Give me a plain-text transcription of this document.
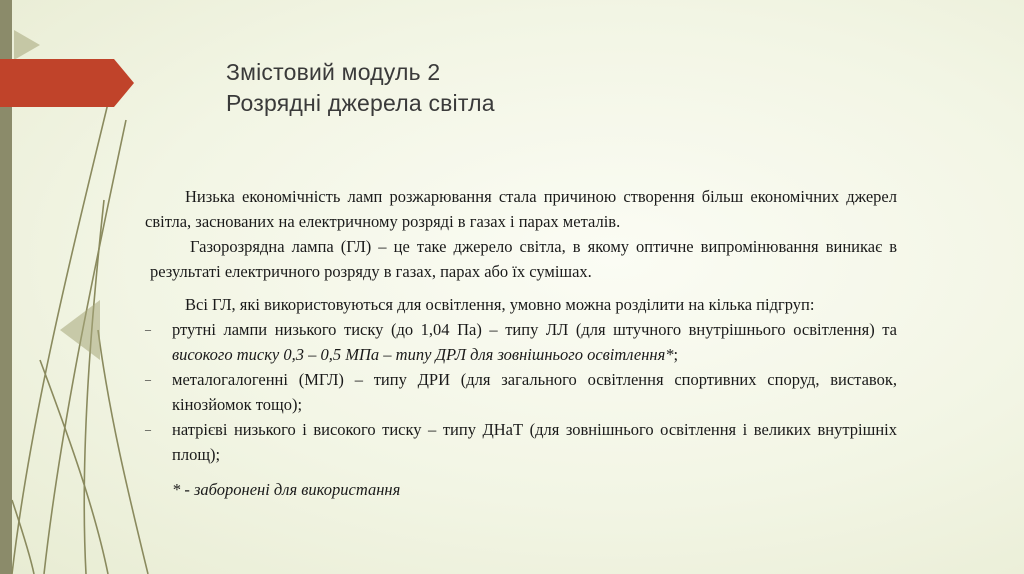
Змістовий модуль 2
Розрядні джерела світла

Низька економічність ламп розжарювання стала причиною створення більш економічних джерел світла, заснованих на електричному розряді в газах і парах металів.

Газорозрядна лампа (ГЛ) – це таке джерело світла, в якому оптичне випромінювання виникає в результаті електричного розряду в газах, парах або їх сумішах.

Всі ГЛ, які використовуються для освітлення, умовно можна розділити на кілька підгруп:

– ртутні лампи низького тиску (до 1,04 Па) – типу ЛЛ (для штучного внутрішнього освітлення) та високого тиску 0,3 – 0,5 МПа – типу ДРЛ для зовнішнього освітлення*;
– металогалогенні (МГЛ) – типу ДРИ (для загального освітлення спортивних споруд, виставок, кінозйомок тощо);
– натрієві низького і високого тиску – типу ДНаТ (для зовнішнього освітлення і великих внутрішніх площ);
* - заборонені для використання
